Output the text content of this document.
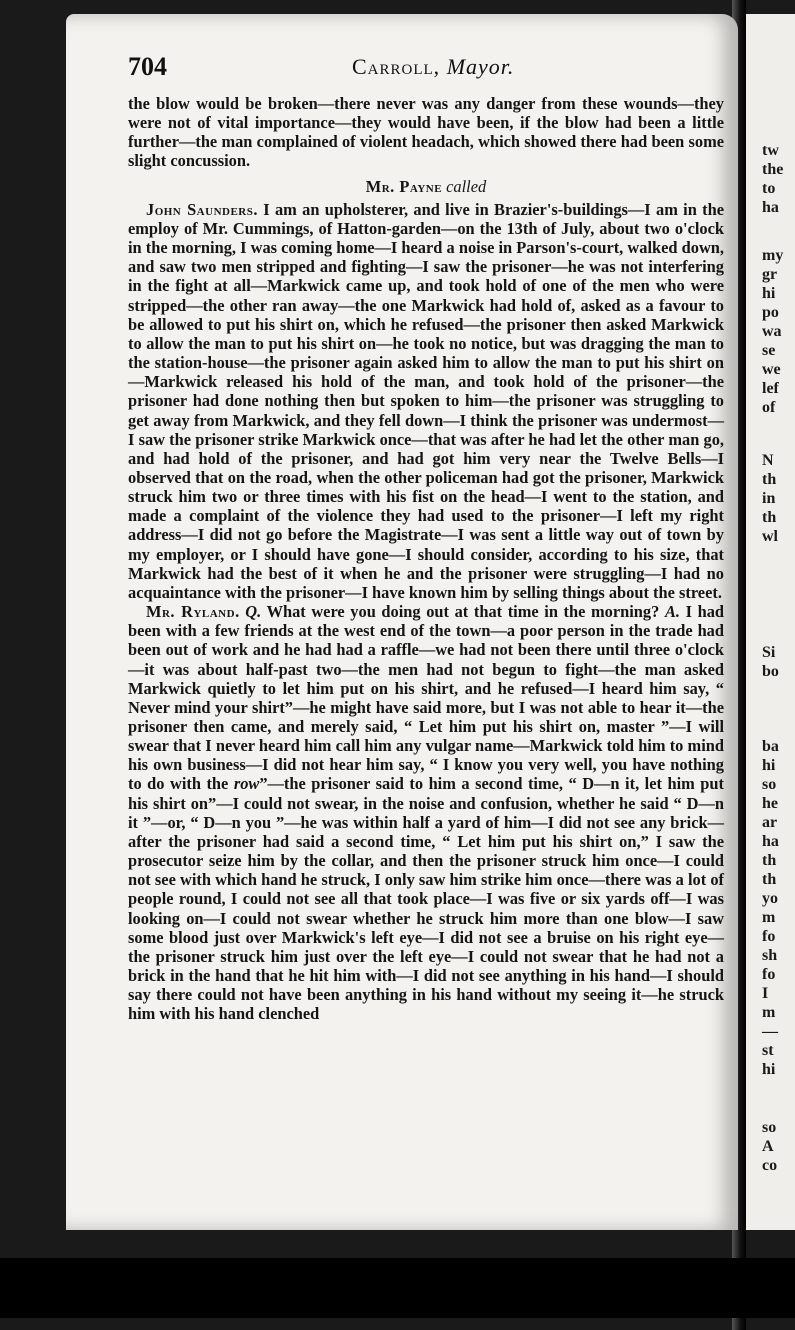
tw
the
to
ha
my
gr
hi
po
wa
se
we
lef
of
N
th
in
th
wl
Si
bo
ba
hi
so
he
ar
ha
th
th
yo
m
fo
sh
fo
I
m
—
st
hi
so
A
co
704	Carroll, Mayor.

the blow would be broken—there never was any danger from these wounds—they were not of vital importance—they would have been, if the blow had been a little further—the man complained of violent headach, which showed there had been some slight concussion.

Mr. Payne called

John Saunders. I am an upholsterer, and live in Brazier's-buildings—I am in the employ of Mr. Cummings, of Hatton-garden—on the 13th of July, about two o'clock in the morning, I was coming home—I heard a noise in Parson's-court, walked down, and saw two men stripped and fighting—I saw the prisoner—he was not interfering in the fight at all—Markwick came up, and took hold of one of the men who were stripped—the other ran away—the one Markwick had hold of, asked as a favour to be allowed to put his shirt on, which he refused—the prisoner then asked Markwick to allow the man to put his shirt on—he took no notice, but was dragging the man to the station-house—the prisoner again asked him to allow the man to put his shirt on—Markwick released his hold of the man, and took hold of the prisoner—the prisoner had done nothing then but spoken to him—the prisoner was struggling to get away from Markwick, and they fell down—I think the prisoner was undermost—I saw the prisoner strike Markwick once—that was after he had let the other man go, and had hold of the prisoner, and had got him very near the Twelve Bells—I observed that on the road, when the other policeman had got the prisoner, Markwick struck him two or three times with his fist on the head—I went to the station, and made a complaint of the violence they had used to the prisoner—I left my right address—I did not go before the Magistrate—I was sent a little way out of town by my employer, or I should have gone—I should consider, according to his size, that Markwick had the best of it when he and the prisoner were struggling—I had no acquaintance with the prisoner—I have known him by selling things about the street.

Mr. Ryland. Q. What were you doing out at that time in the morning? A. I had been with a few friends at the west end of the town—a poor person in the trade had been out of work and he had had a raffle—we had not been there until three o'clock—it was about half-past two—the men had not begun to fight—the man asked Markwick quietly to let him put on his shirt, and he refused—I heard him say, “ Never mind your shirt”—he might have said more, but I was not able to hear it—the prisoner then came, and merely said, “ Let him put his shirt on, master ”—I will swear that I never heard him call him any vulgar name—Markwick told him to mind his own business—I did not hear him say, “ I know you very well, you have nothing to do with the row”—the prisoner said to him a second time, “ D—n it, let him put his shirt on”—I could not swear, in the noise and confusion, whether he said “ D—n it ”—or, “ D—n you ”—he was within half a yard of him—I did not see any brick—after the prisoner had said a second time, “ Let him put his shirt on,” I saw the prosecutor seize him by the collar, and then the prisoner struck him once—I could not see with which hand he struck, I only saw him strike him once—there was a lot of people round, I could not see all that took place—I was five or six yards off—I was looking on—I could not swear whether he struck him more than one blow—I saw some blood just over Markwick's left eye—I did not see a bruise on his right eye—the prisoner struck him just over the left eye—I could not swear that he had not a brick in the hand that he hit him with—I did not see anything in his hand—I should say there could not have been anything in his hand without my seeing it—he struck him with his hand clenched
